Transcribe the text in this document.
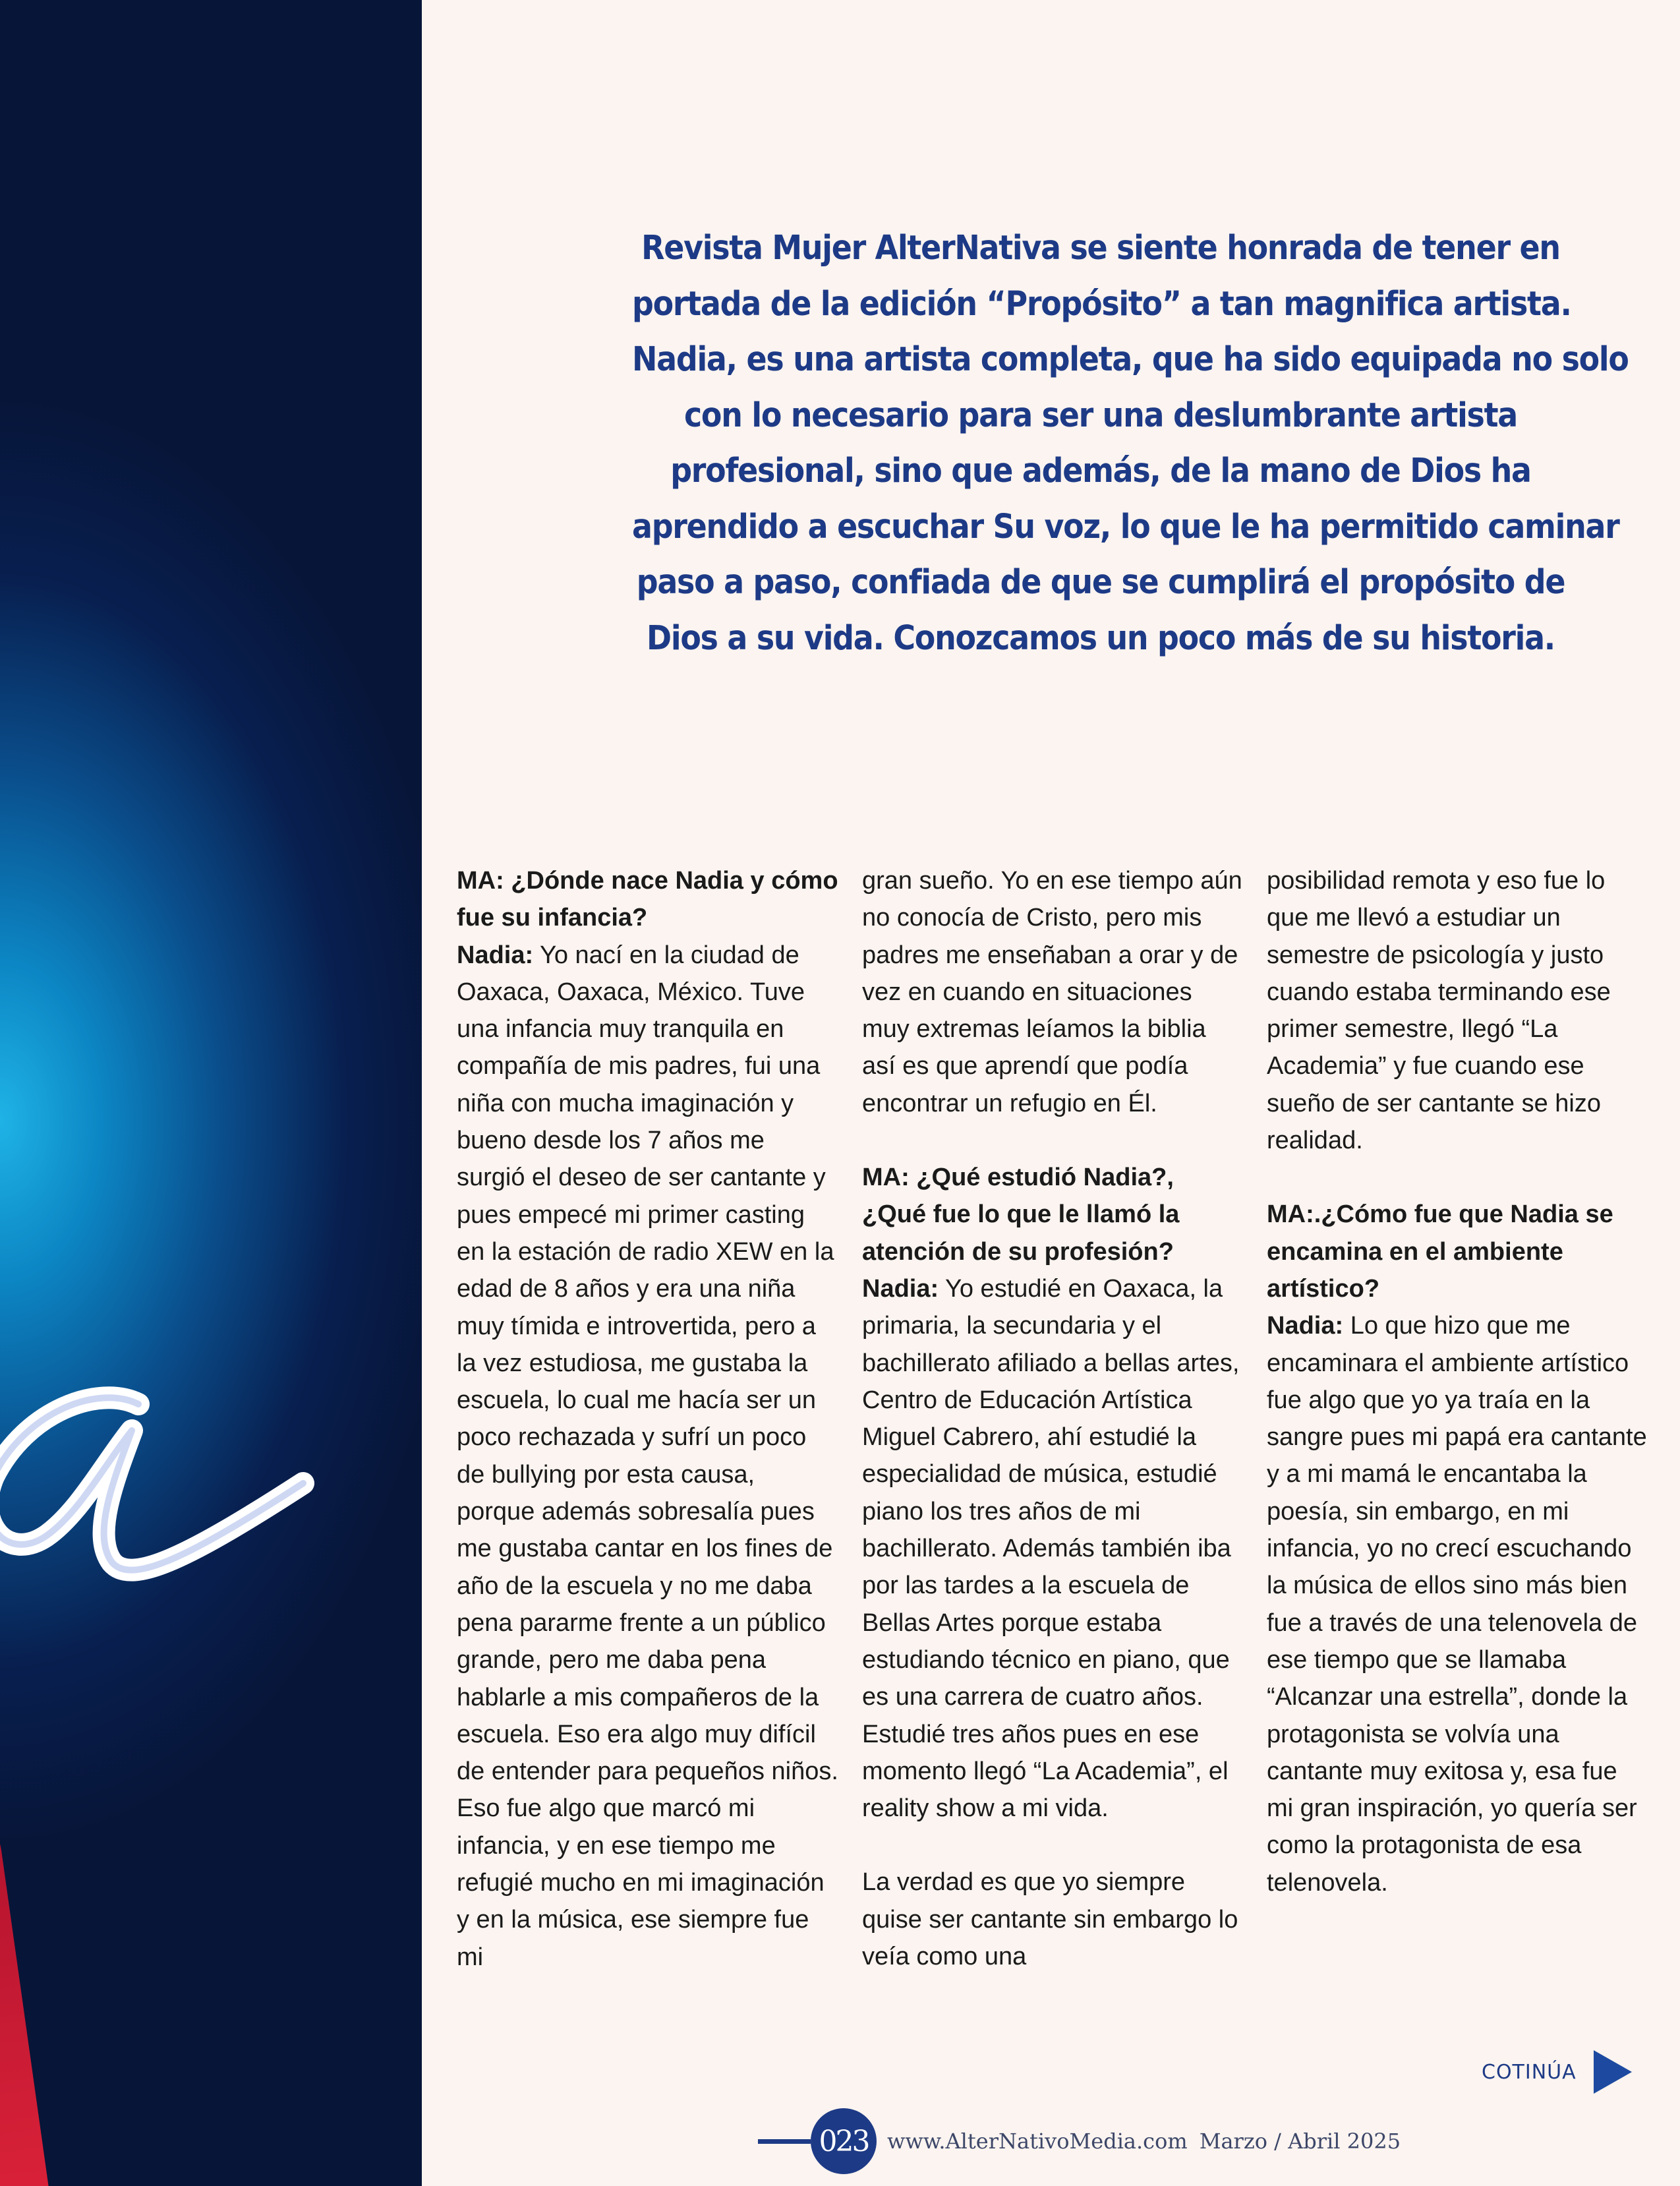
Revista Mujer AlterNativa se siente honrada de tener en
portada de la edición “Propósito” a tan magnifica artista.
Nadia, es una artista completa, que ha sido equipada no solo
con lo necesario para ser una deslumbrante artista
profesional, sino que además, de la mano de Dios ha
aprendido a escuchar Su voz, lo que le ha permitido caminar
paso a paso, confiada de que se cumplirá el propósito de
Dios a su vida. Conozcamos un poco más de su historia.

MA: ¿Dónde nace Nadia y cómo fue su infancia?
Nadia: Yo nací en la ciudad de Oaxaca, Oaxaca, México. Tuve una infancia muy tranquila en compañía de mis padres, fui una niña con mucha imaginación y bueno desde los 7 años me surgió el deseo de ser cantante y pues empecé mi primer casting en la estación de radio XEW en la edad de 8 años y era una niña muy tímida e introvertida, pero a la vez estudiosa, me gustaba la escuela, lo cual me hacía ser un poco rechazada y sufrí un poco de bullying por esta causa, porque además sobresalía pues me gustaba cantar en los fines de año de la escuela y no me daba pena pararme frente a un público grande, pero me daba pena hablarle a mis compañeros de la escuela. Eso era algo muy difícil de entender para pequeños niños. Eso fue algo que marcó mi infancia, y en ese tiempo me refugié mucho en mi imaginación y en la música, ese siempre fue mi

gran sueño. Yo en ese tiempo aún no conocía de Cristo, pero mis padres me enseñaban a orar y de vez en cuando en situaciones muy extremas leíamos la biblia así es que aprendí que podía encontrar un refugio en Él.

MA: ¿Qué estudió Nadia?, ¿Qué fue lo que le llamó la atención de su profesión?
Nadia: Yo estudié en Oaxaca, la primaria, la secundaria y el bachillerato afiliado a bellas artes, Centro de Educación Artística Miguel Cabrero, ahí estudié la especialidad de música, estudié piano los tres años de mi bachillerato. Además también iba por las tardes a la escuela de Bellas Artes porque estaba estudiando técnico en piano, que es una carrera de cuatro años. Estudié tres años pues en ese momento llegó “La Academia”, el reality show a mi vida.

La verdad es que yo siempre quise ser cantante sin embargo lo veía como una

posibilidad remota y eso fue lo que me llevó a estudiar un semestre de psicología y justo cuando estaba terminando ese primer semestre, llegó “La Academia” y fue cuando ese sueño de ser cantante se hizo realidad.

MA:.¿Cómo fue que Nadia se encamina en el ambiente artístico?
Nadia: Lo que hizo que me encaminara el ambiente artístico fue algo que yo ya traía en la sangre pues mi papá era cantante y a mi mamá le encantaba la poesía, sin embargo, en mi infancia, yo no crecí escuchando la música de ellos sino más bien fue a través de una telenovela de ese tiempo que se llamaba “Alcanzar una estrella”, donde la protagonista se volvía una cantante muy exitosa y, esa fue mi gran inspiración, yo quería ser como la protagonista de esa telenovela.

COTINÚA
023 www.AlterNativoMedia.com Marzo / Abril 2025
